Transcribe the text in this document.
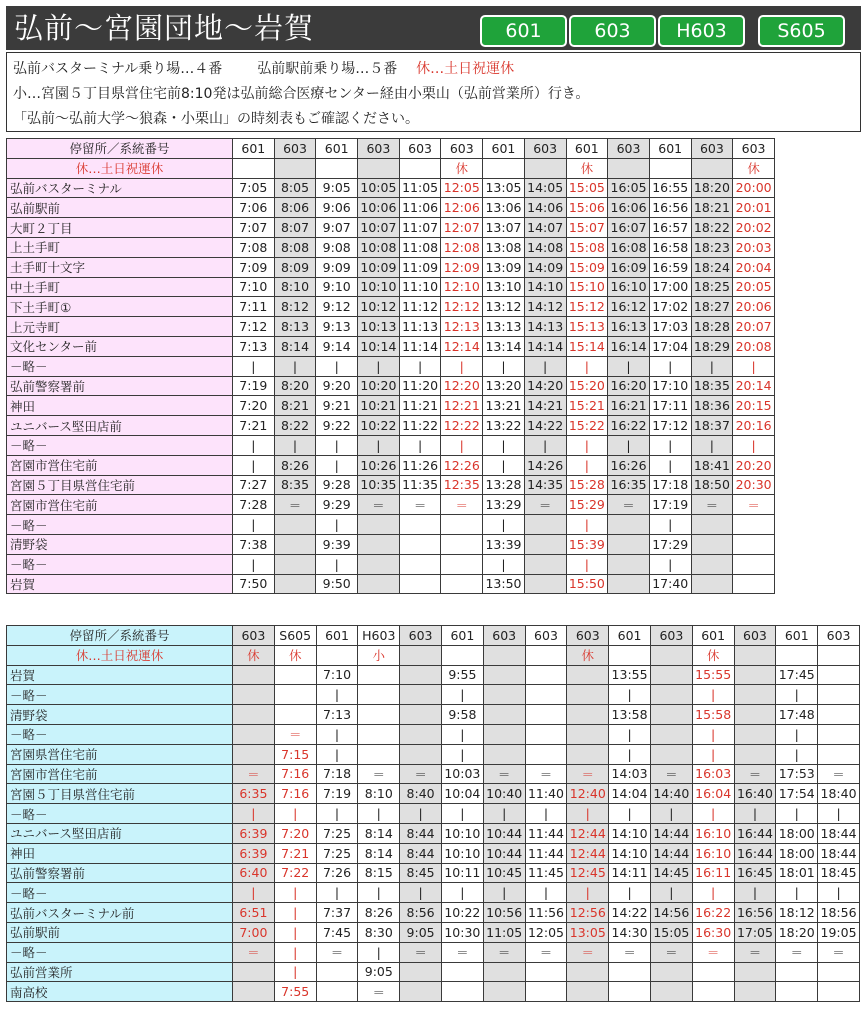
弘前〜宮園団地〜岩賀	601	603	H603	S605
弘前バスターミナル乗り場…４番 弘前駅前乗り場…５番 休…土日祝運休
小…宮園５丁目県営住宅前8:10発は弘前総合医療センター経由小栗山（弘前営業所）行き。
「弘前〜弘前大学〜狼森・小栗山」の時刻表もご確認ください。
停留所／系統番号	601	603	601	603	603	603	601	603	601	603	601	603	603
休…土日祝運休						休			休				休
弘前バスターミナル	7:05	8:05	9:05	10:05	11:05	12:05	13:05	14:05	15:05	16:05	16:55	18:20	20:00
弘前駅前	7:06	8:06	9:06	10:06	11:06	12:06	13:06	14:06	15:06	16:06	16:56	18:21	20:01
大町２丁目	7:07	8:07	9:07	10:07	11:07	12:07	13:07	14:07	15:07	16:07	16:57	18:22	20:02
上土手町	7:08	8:08	9:08	10:08	11:08	12:08	13:08	14:08	15:08	16:08	16:58	18:23	20:03
土手町十文字	7:09	8:09	9:09	10:09	11:09	12:09	13:09	14:09	15:09	16:09	16:59	18:24	20:04
中土手町	7:10	8:10	9:10	10:10	11:10	12:10	13:10	14:10	15:10	16:10	17:00	18:25	20:05
下土手町①	7:11	8:12	9:12	10:12	11:12	12:12	13:12	14:12	15:12	16:12	17:02	18:27	20:06
上元寺町	7:12	8:13	9:13	10:13	11:13	12:13	13:13	14:13	15:13	16:13	17:03	18:28	20:07
文化センター前	7:13	8:14	9:14	10:14	11:14	12:14	13:14	14:14	15:14	16:14	17:04	18:29	20:08
－略－	|	|	|	|	|	|	|	|	|	|	|	|	|
弘前警察署前	7:19	8:20	9:20	10:20	11:20	12:20	13:20	14:20	15:20	16:20	17:10	18:35	20:14
神田	7:20	8:21	9:21	10:21	11:21	12:21	13:21	14:21	15:21	16:21	17:11	18:36	20:15
ユニバース堅田店前	7:21	8:22	9:22	10:22	11:22	12:22	13:22	14:22	15:22	16:22	17:12	18:37	20:16
－略－	|	|	|	|	|	|	|	|	|	|	|	|	|
宮園市営住宅前	|	8:26	|	10:26	11:26	12:26	|	14:26	|	16:26	|	18:41	20:20
宮園５丁目県営住宅前	7:27	8:35	9:28	10:35	11:35	12:35	13:28	14:35	15:28	16:35	17:18	18:50	20:30
宮園市営住宅前	7:28	＝	9:29	＝	＝	＝	13:29	＝	15:29	＝	17:19	＝	＝
－略－	|		|				|		|		|		
清野袋	7:38		9:39				13:39		15:39		17:29		
－略－	|		|				|		|		|		
岩賀	7:50		9:50				13:50		15:50		17:40		
停留所／系統番号	603	S605	601	H603	603	601	603	603	603	601	603	601	603	601	603
休…土日祝運休	休	休		小					休			休			
岩賀			7:10			9:55				13:55		15:55		17:45	
－略－			|			|				|		|		|	
清野袋			7:13			9:58				13:58		15:58		17:48	
－略－		＝	|			|				|		|		|	
宮園県営住宅前		7:15	|			|				|		|		|	
宮園市営住宅前	＝	7:16	7:18	＝	＝	10:03	＝	＝	＝	14:03	＝	16:03	＝	17:53	＝
宮園５丁目県営住宅前	6:35	7:16	7:19	8:10	8:40	10:04	10:40	11:40	12:40	14:04	14:40	16:04	16:40	17:54	18:40
－略－	|	|	|	|	|	|	|	|	|	|	|	|	|	|	|
ユニバース堅田店前	6:39	7:20	7:25	8:14	8:44	10:10	10:44	11:44	12:44	14:10	14:44	16:10	16:44	18:00	18:44
神田	6:39	7:21	7:25	8:14	8:44	10:10	10:44	11:44	12:44	14:10	14:44	16:10	16:44	18:00	18:44
弘前警察署前	6:40	7:22	7:26	8:15	8:45	10:11	10:45	11:45	12:45	14:11	14:45	16:11	16:45	18:01	18:45
－略－	|	|	|	|	|	|	|	|	|	|	|	|	|	|	|
弘前バスターミナル前	6:51	|	7:37	8:26	8:56	10:22	10:56	11:56	12:56	14:22	14:56	16:22	16:56	18:12	18:56
弘前駅前	7:00	|	7:45	8:30	9:05	10:30	11:05	12:05	13:05	14:30	15:05	16:30	17:05	18:20	19:05
－略－	＝	|	＝	|	＝	＝	＝	＝	＝	＝	＝	＝	＝	＝	＝
弘前営業所		|		9:05											
南高校		7:55		＝											
